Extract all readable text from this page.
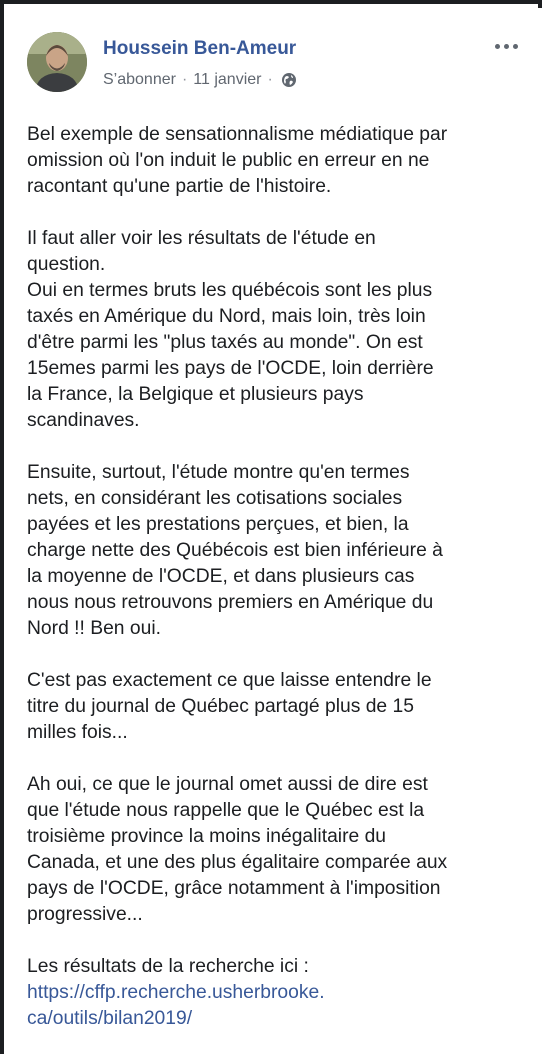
Houssein Ben-Ameur
S’abonner · 11 janvier ·

Bel exemple de sensationnalisme médiatique par
omission où l'on induit le public en erreur en ne
racontant qu'une partie de l'histoire.

Il faut aller voir les résultats de l'étude en
question.
Oui en termes bruts les québécois sont les plus
taxés en Amérique du Nord, mais loin, très loin
d'être parmi les "plus taxés au monde". On est
15emes parmi les pays de l'OCDE, loin derrière
la France, la Belgique et plusieurs pays
scandinaves.

Ensuite, surtout, l'étude montre qu'en termes
nets, en considérant les cotisations sociales
payées et les prestations perçues, et bien, la
charge nette des Québécois est bien inférieure à
la moyenne de l'OCDE, et dans plusieurs cas
nous nous retrouvons premiers en Amérique du
Nord !! Ben oui.

C'est pas exactement ce que laisse entendre le
titre du journal de Québec partagé plus de 15
milles fois...

Ah oui, ce que le journal omet aussi de dire est
que l'étude nous rappelle que le Québec est la
troisième province la moins inégalitaire du
Canada, et une des plus égalitaire comparée aux
pays de l'OCDE, grâce notamment à l'imposition
progressive...

Les résultats de la recherche ici :
https://cffp.recherche.usherbrooke.
ca/outils/bilan2019/
